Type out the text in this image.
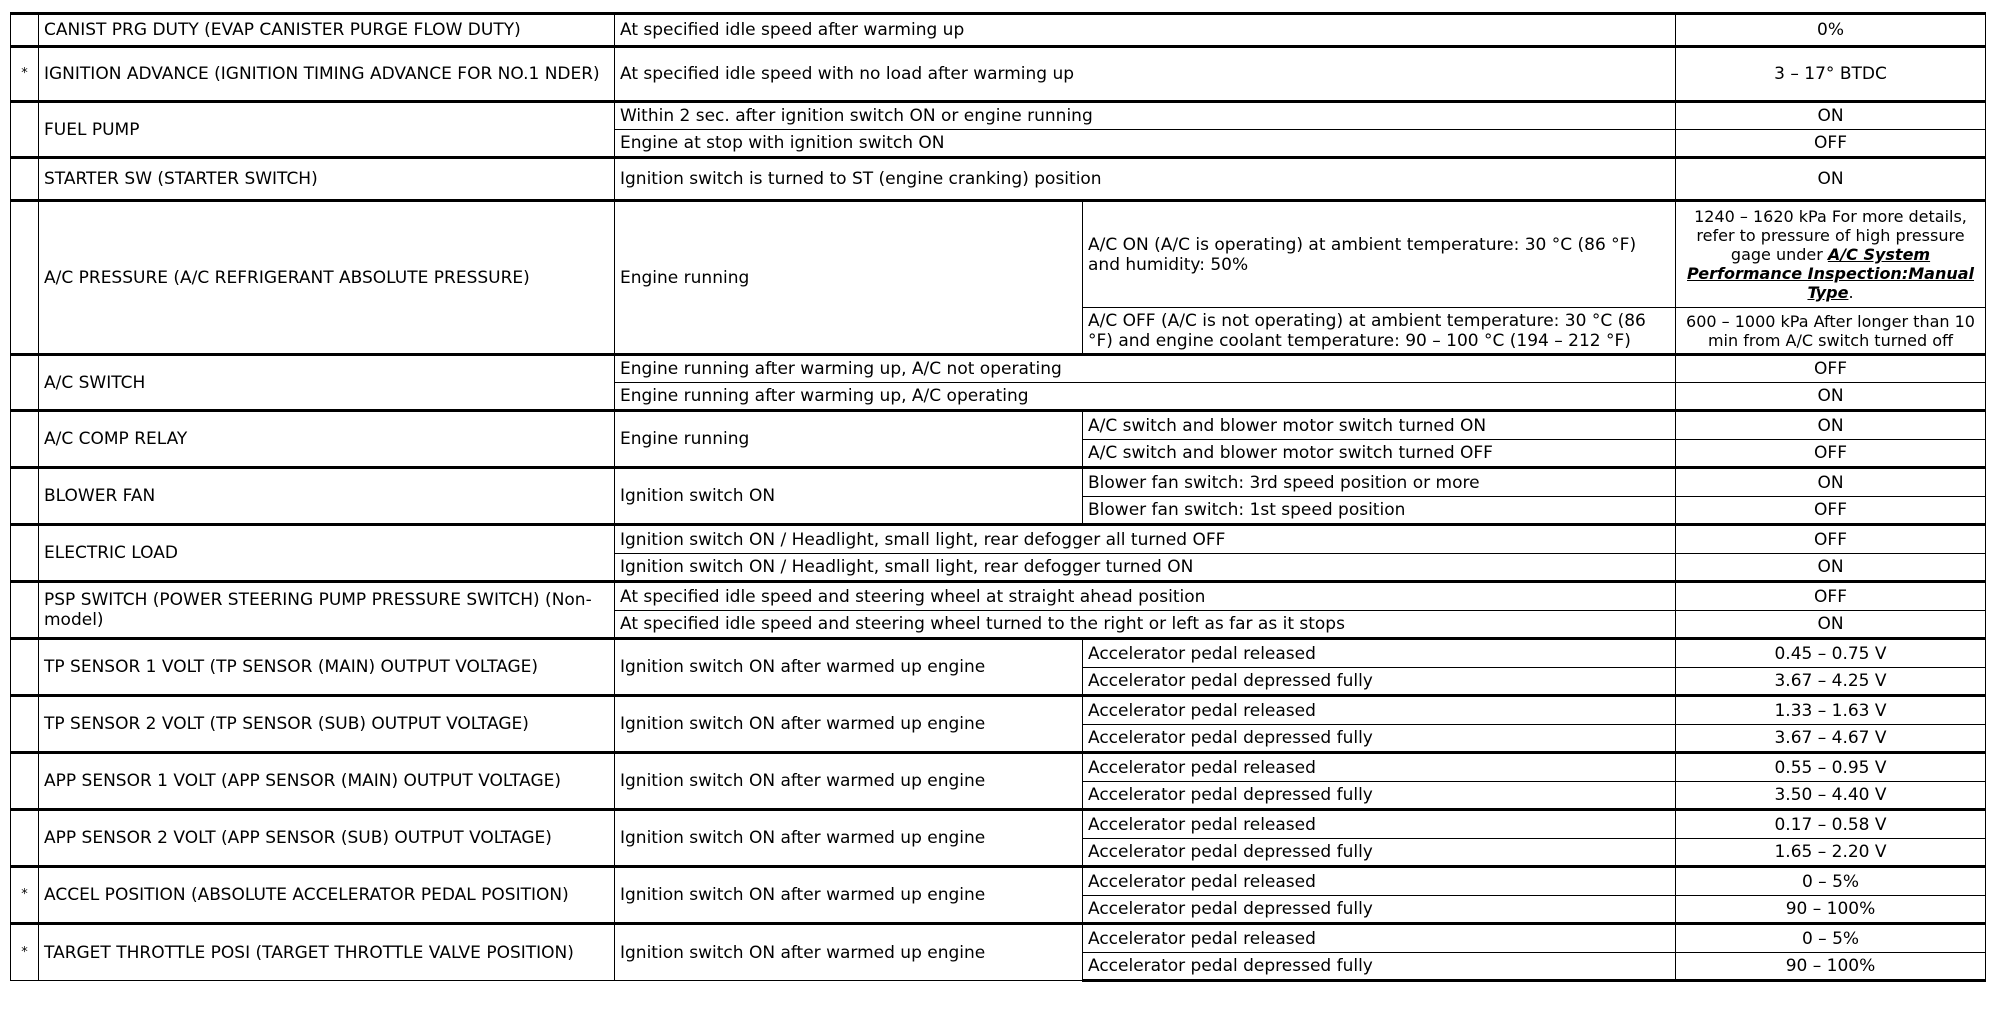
	CANIST PRG DUTY (EVAP CANISTER PURGE FLOW DUTY)	At specified idle speed after warming up		0%
*	IGNITION ADVANCE (IGNITION TIMING ADVANCE FOR NO.1 NDER)	At specified idle speed with no load after warming up		3 – 17° BTDC
	FUEL PUMP	Within 2 sec. after ignition switch ON or engine running		ON
		Engine at stop with ignition switch ON		OFF
	STARTER SW (STARTER SWITCH)	Ignition switch is turned to ST (engine cranking) position		ON
	A/C PRESSURE (A/C REFRIGERANT ABSOLUTE PRESSURE)	Engine running	A/C ON (A/C is operating) at ambient temperature: 30 °C (86 °F) and humidity: 50%	1240 – 1620 kPa For more details, refer to pressure of high pressure gage under A/C System Performance Inspection:Manual Type.
			A/C OFF (A/C is not operating) at ambient temperature: 30 °C (86 °F) and engine coolant temperature: 90 – 100 °C (194 – 212 °F)	600 – 1000 kPa After longer than 10 min from A/C switch turned off
	A/C SWITCH	Engine running after warming up, A/C not operating		OFF
		Engine running after warming up, A/C operating		ON
	A/C COMP RELAY	Engine running	A/C switch and blower motor switch turned ON	ON
			A/C switch and blower motor switch turned OFF	OFF
	BLOWER FAN	Ignition switch ON	Blower fan switch: 3rd speed position or more	ON
			Blower fan switch: 1st speed position	OFF
	ELECTRIC LOAD	Ignition switch ON / Headlight, small light, rear defogger all turned OFF		OFF
		Ignition switch ON / Headlight, small light, rear defogger turned ON		ON
	PSP SWITCH (POWER STEERING PUMP PRESSURE SWITCH) (Non- model)	At specified idle speed and steering wheel at straight ahead position		OFF
		At specified idle speed and steering wheel turned to the right or left as far as it stops		ON
	TP SENSOR 1 VOLT (TP SENSOR (MAIN) OUTPUT VOLTAGE)	Ignition switch ON after warmed up engine	Accelerator pedal released	0.45 – 0.75 V
			Accelerator pedal depressed fully	3.67 – 4.25 V
	TP SENSOR 2 VOLT (TP SENSOR (SUB) OUTPUT VOLTAGE)	Ignition switch ON after warmed up engine	Accelerator pedal released	1.33 – 1.63 V
			Accelerator pedal depressed fully	3.67 – 4.67 V
	APP SENSOR 1 VOLT (APP SENSOR (MAIN) OUTPUT VOLTAGE)	Ignition switch ON after warmed up engine	Accelerator pedal released	0.55 – 0.95 V
			Accelerator pedal depressed fully	3.50 – 4.40 V
	APP SENSOR 2 VOLT (APP SENSOR (SUB) OUTPUT VOLTAGE)	Ignition switch ON after warmed up engine	Accelerator pedal released	0.17 – 0.58 V
			Accelerator pedal depressed fully	1.65 – 2.20 V
*	ACCEL POSITION (ABSOLUTE ACCELERATOR PEDAL POSITION)	Ignition switch ON after warmed up engine	Accelerator pedal released	0 – 5%
			Accelerator pedal depressed fully	90 – 100%
*	TARGET THROTTLE POSI (TARGET THROTTLE VALVE POSITION)	Ignition switch ON after warmed up engine	Accelerator pedal released	0 – 5%
			Accelerator pedal depressed fully	90 – 100%
